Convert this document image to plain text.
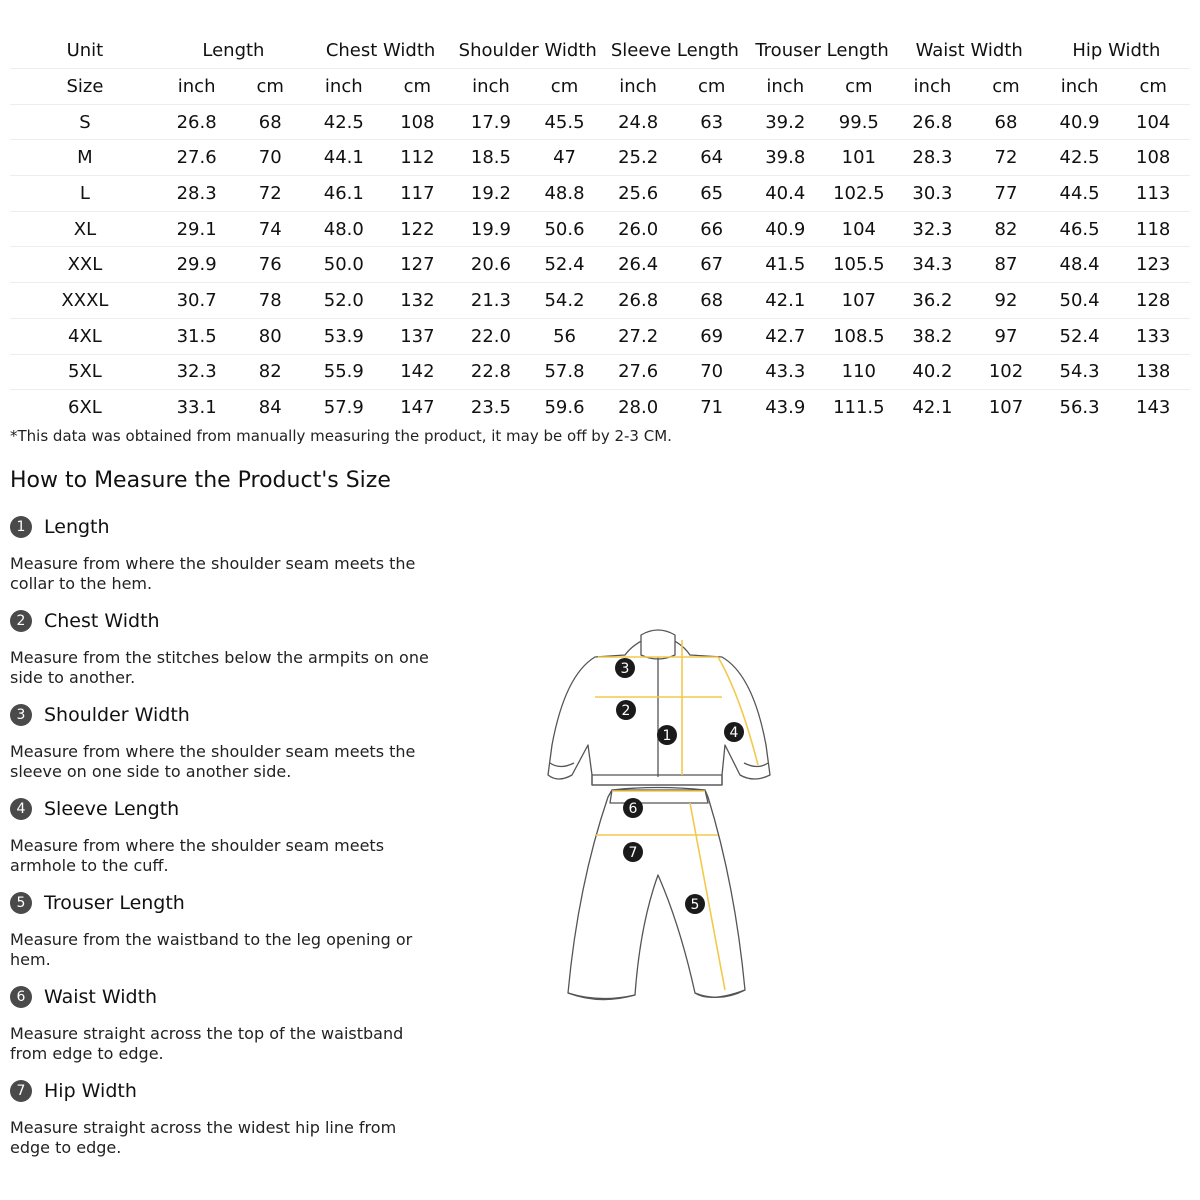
Unit	Length		Chest Width		Shoulder Width		Sleeve Length		Trouser Length		Waist Width		Hip Width	
Size	inch	cm	inch	cm	inch	cm	inch	cm	inch	cm	inch	cm	inch	cm
S	26.8	68	42.5	108	17.9	45.5	24.8	63	39.2	99.5	26.8	68	40.9	104
M	27.6	70	44.1	112	18.5	47	25.2	64	39.8	101	28.3	72	42.5	108
L	28.3	72	46.1	117	19.2	48.8	25.6	65	40.4	102.5	30.3	77	44.5	113
XL	29.1	74	48.0	122	19.9	50.6	26.0	66	40.9	104	32.3	82	46.5	118
XXL	29.9	76	50.0	127	20.6	52.4	26.4	67	41.5	105.5	34.3	87	48.4	123
XXXL	30.7	78	52.0	132	21.3	54.2	26.8	68	42.1	107	36.2	92	50.4	128
4XL	31.5	80	53.9	137	22.0	56	27.2	69	42.7	108.5	38.2	97	52.4	133
5XL	32.3	82	55.9	142	22.8	57.8	27.6	70	43.3	110	40.2	102	54.3	138
6XL	33.1	84	57.9	147	23.5	59.6	28.0	71	43.9	111.5	42.1	107	56.3	143
*This data was obtained from manually measuring the product, it may be off by 2-3 CM.
How to Measure the Product's Size
1 Length
Measure from where the shoulder seam meets the collar to the hem.
2 Chest Width
Measure from the stitches below the armpits on one side to another.
3 Shoulder Width
Measure from where the shoulder seam meets the sleeve on one side to another side.
4 Sleeve Length
Measure from where the shoulder seam meets armhole to the cuff.
5 Trouser Length
Measure from the waistband to the leg opening or hem.
6 Waist Width
Measure straight across the top of the waistband from edge to edge.
7 Hip Width
Measure straight across the widest hip line from edge to edge.
1
2
3
4
5
6
7
